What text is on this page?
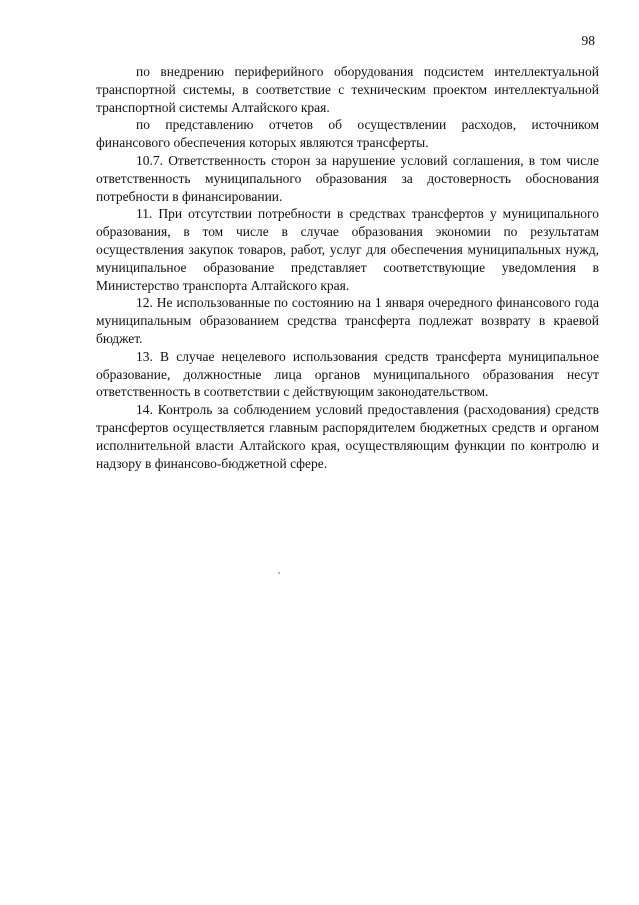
98

по внедрению периферийного оборудования подсистем интеллектуальной транспортной системы, в соответствие с техническим проектом интеллектуальной транспортной системы Алтайского края.

по представлению отчетов об осуществлении расходов, источником финансового обеспечения которых являются трансферты.

10.7. Ответственность сторон за нарушение условий соглашения, в том числе ответственность муниципального образования за достоверность обоснования потребности в финансировании.

11. При отсутствии потребности в средствах трансфертов у муниципального образования, в том числе в случае образования экономии по результатам осуществления закупок товаров, работ, услуг для обеспечения муниципальных нужд, муниципальное образование представляет соответствующие уведомления в Министерство транспорта Алтайского края.

12. Не использованные по состоянию на 1 января очередного финансового года муниципальным образованием средства трансферта подлежат возврату в краевой бюджет.

13. В случае нецелевого использования средств трансферта муниципальное образование, должностные лица органов муниципального образования несут ответственность в соответствии с действующим законодательством.

14. Контроль за соблюдением условий предоставления (расходования) средств трансфертов осуществляется главным распорядителем бюджетных средств и органом исполнительной власти Алтайского края, осуществляющим функции по контролю и надзору в финансово-бюджетной сфере.
